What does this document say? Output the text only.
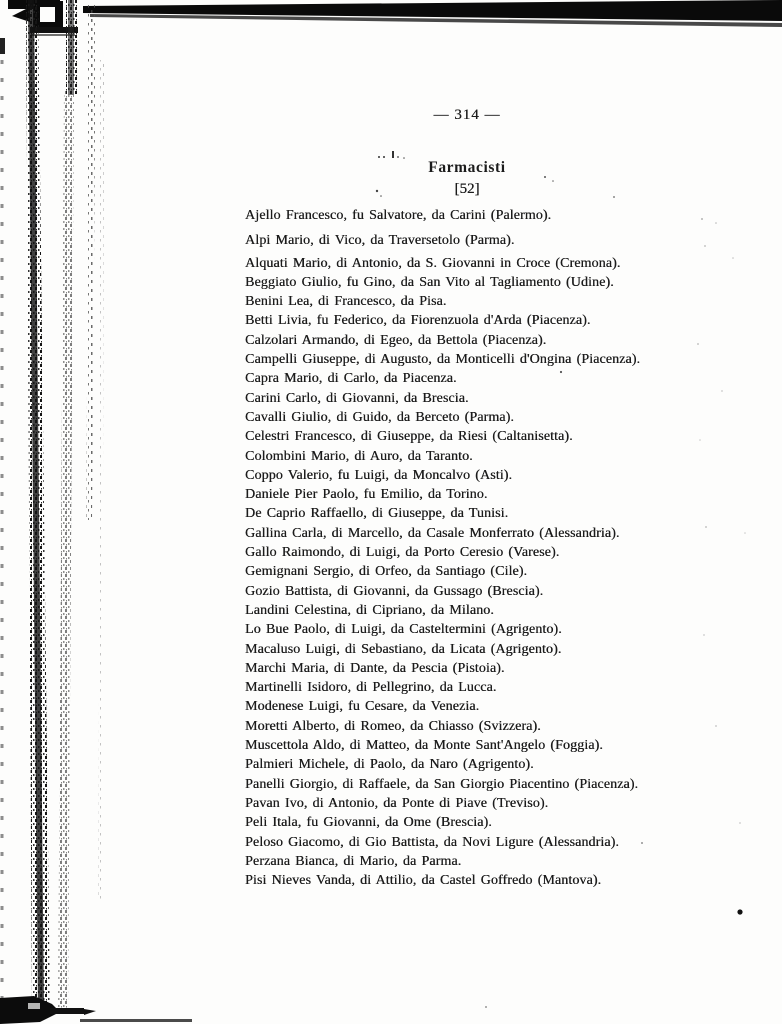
— 314 —
Farmacisti
[52]
Ajello Francesco, fu Salvatore, da Carini (Palermo).
Alpi Mario, di Vico, da Traversetolo (Parma).
Alquati Mario, di Antonio, da S. Giovanni in Croce (Cremona).
Beggiato Giulio, fu Gino, da San Vito al Tagliamento (Udine).
Benini Lea, di Francesco, da Pisa.
Betti Livia, fu Federico, da Fiorenzuola d'Arda (Piacenza).
Calzolari Armando, di Egeo, da Bettola (Piacenza).
Campelli Giuseppe, di Augusto, da Monticelli d'Ongina (Piacenza).
Capra Mario, di Carlo, da Piacenza.
Carini Carlo, di Giovanni, da Brescia.
Cavalli Giulio, di Guido, da Berceto (Parma).
Celestri Francesco, di Giuseppe, da Riesi (Caltanisetta).
Colombini Mario, di Auro, da Taranto.
Coppo Valerio, fu Luigi, da Moncalvo (Asti).
Daniele Pier Paolo, fu Emilio, da Torino.
De Caprio Raffaello, di Giuseppe, da Tunisi.
Gallina Carla, di Marcello, da Casale Monferrato (Alessandria).
Gallo Raimondo, di Luigi, da Porto Ceresio (Varese).
Gemignani Sergio, di Orfeo, da Santiago (Cile).
Gozio Battista, di Giovanni, da Gussago (Brescia).
Landini Celestina, di Cipriano, da Milano.
Lo Bue Paolo, di Luigi, da Casteltermini (Agrigento).
Macaluso Luigi, di Sebastiano, da Licata (Agrigento).
Marchi Maria, di Dante, da Pescia (Pistoia).
Martinelli Isidoro, di Pellegrino, da Lucca.
Modenese Luigi, fu Cesare, da Venezia.
Moretti Alberto, di Romeo, da Chiasso (Svizzera).
Muscettola Aldo, di Matteo, da Monte Sant'Angelo (Foggia).
Palmieri Michele, di Paolo, da Naro (Agrigento).
Panelli Giorgio, di Raffaele, da San Giorgio Piacentino (Piacenza).
Pavan Ivo, di Antonio, da Ponte di Piave (Treviso).
Peli Itala, fu Giovanni, da Ome (Brescia).
Peloso Giacomo, di Gio Battista, da Novi Ligure (Alessandria).
Perzana Bianca, di Mario, da Parma.
Pisi Nieves Vanda, di Attilio, da Castel Goffredo (Mantova).
